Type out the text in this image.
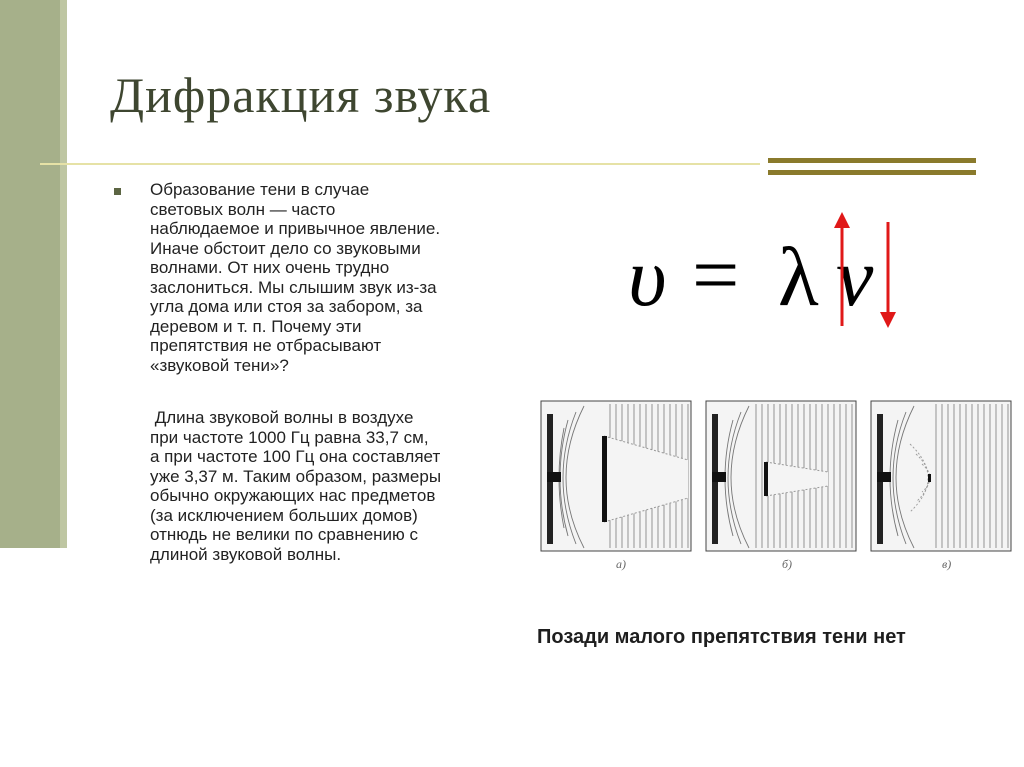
Дифракция звука

Образование тени в случае
световых волн — часто
наблюдаемое и привычное явление.
Иначе обстоит дело со звуковыми
волнами. От них очень трудно
заслониться. Мы слышим звук из-за
угла дома или стоя за забором, за
деревом и т. п. Почему эти
препятствия не отбрасывают
«звуковой тени»?

Длина звуковой волны в воздухе
при частоте 1000 Гц равна 33,7 см,
а при частоте 100 Гц она составляет
уже 3,37 м. Таким образом, размеры
обычно окружающих нас предметов
(за исключением больших домов)
отнюдь не велики по сравнению с
длиной звуковой волны.

υ = λ ν
а)	б)	в)

Позади малого препятствия тени нет
